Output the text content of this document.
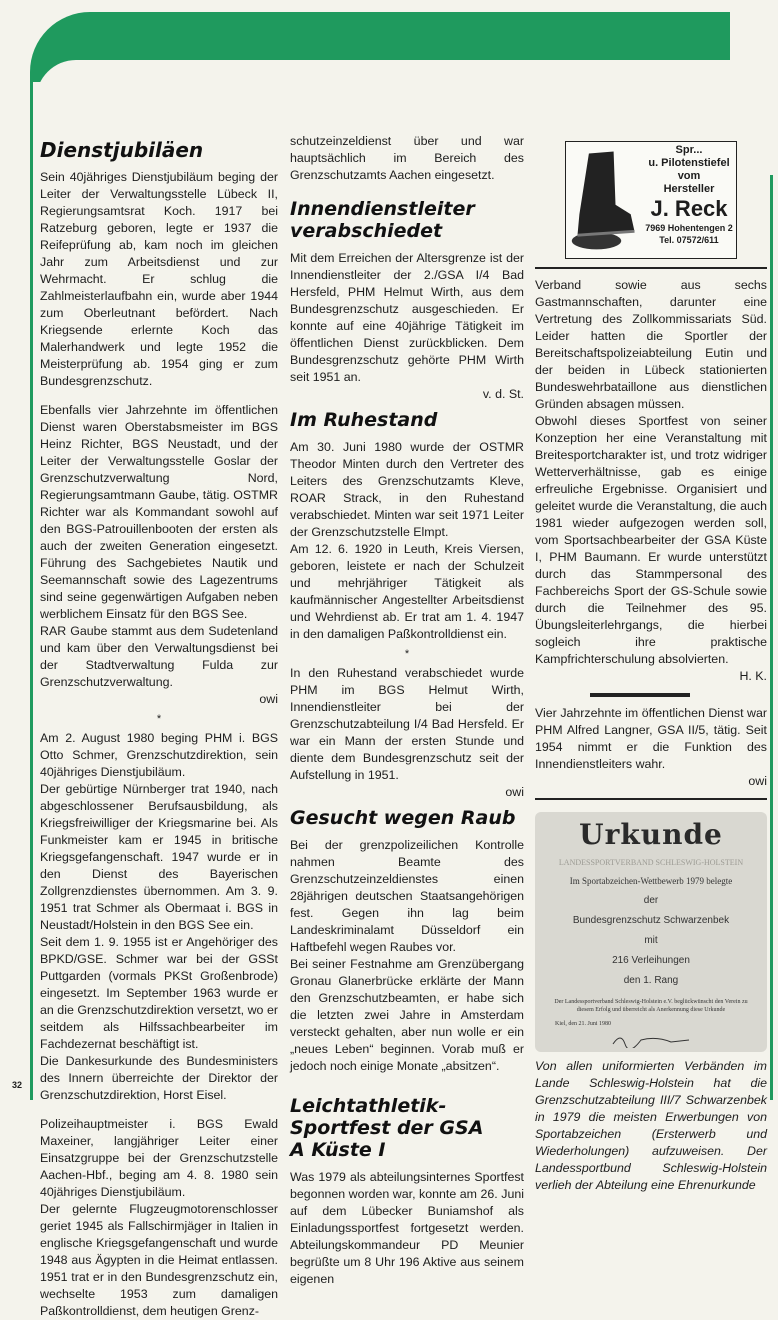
Dienstjubiläen

Sein 40jähriges Dienstjubiläum beging der Leiter der Verwaltungsstelle Lübeck II, Regierungsamtsrat Koch. 1917 bei Ratzeburg geboren, legte er 1937 die Reifeprüfung ab, kam noch im gleichen Jahr zum Arbeitsdienst und zur Wehrmacht. Er schlug die Zahlmeisterlaufbahn ein, wurde aber 1944 zum Oberleutnant befördert. Nach Kriegsende erlernte Koch das Malerhandwerk und legte 1952 die Meisterprüfung ab. 1954 ging er zum Bundesgrenzschutz.

Ebenfalls vier Jahrzehnte im öffentlichen Dienst waren Oberstabsmeister im BGS Heinz Richter, BGS Neustadt, und der Leiter der Verwaltungsstelle Goslar der Grenzschutzverwaltung Nord, Regierungsamtmann Gaube, tätig. OSTMR Richter war als Kommandant sowohl auf den BGS-Patrouillenbooten der ersten als auch der zweiten Generation eingesetzt. Führung des Sachgebietes Nautik und Seemannschaft sowie des Lagezentrums sind seine gegenwärtigen Aufgaben neben werblichem Einsatz für den BGS See.

RAR Gaube stammt aus dem Sudetenland und kam über den Verwaltungsdienst bei der Stadtverwaltung Fulda zur Grenzschutzverwaltung.

owi
*

Am 2. August 1980 beging PHM i. BGS Otto Schmer, Grenzschutzdirektion, sein 40jähriges Dienstjubiläum.

Der gebürtige Nürnberger trat 1940, nach abgeschlossener Berufsausbildung, als Kriegsfreiwilliger der Kriegsmarine bei. Als Funkmeister kam er 1945 in britische Kriegsgefangenschaft. 1947 wurde er in den Dienst des Bayerischen Zollgrenzdienstes übernommen. Am 3. 9. 1951 trat Schmer als Obermaat i. BGS in Neustadt/Holstein in den BGS See ein.

Seit dem 1. 9. 1955 ist er Angehöriger des BPKD/GSE. Schmer war bei der GSSt Puttgarden (vormals PKSt Großenbrode) eingesetzt. Im September 1963 wurde er an die Grenzschutzdirektion versetzt, wo er seitdem als Hilfssachbearbeiter im Fachdezernat beschäftigt ist.

Die Dankesurkunde des Bundesministers des Innern überreichte der Direktor der Grenzschutzdirektion, Horst Eisel.

Polizeihauptmeister i. BGS Ewald Maxeiner, langjähriger Leiter einer Einsatzgruppe bei der Grenzschutzstelle Aachen-Hbf., beging am 4. 8. 1980 sein 40jähriges Dienstjubiläum.

Der gelernte Flugzeugmotorenschlosser geriet 1945 als Fallschirmjäger in Italien in englische Kriegsgefangenschaft und wurde 1948 aus Ägypten in die Heimat entlassen. 1951 trat er in den Bundesgrenzschutz ein, wechselte 1953 zum damaligen Paßkontrolldienst, dem heutigen Grenz-

32

schutzeinzeldienst über und war hauptsächlich im Bereich des Grenzschutzamts Aachen eingesetzt.

Innendienstleiter verabschiedet

Mit dem Erreichen der Altersgrenze ist der Innendienstleiter der 2./GSA I/4 Bad Hersfeld, PHM Helmut Wirth, aus dem Bundesgrenzschutz ausgeschieden. Er konnte auf eine 40jährige Tätigkeit im öffentlichen Dienst zurückblicken. Dem Bundesgrenzschutz gehörte PHM Wirth seit 1951 an.

v. d. St.
Im Ruhestand

Am 30. Juni 1980 wurde der OSTMR Theodor Minten durch den Vertreter des Leiters des Grenzschutzamts Kleve, ROAR Strack, in den Ruhestand verabschiedet. Minten war seit 1971 Leiter der Grenzschutzstelle Elmpt.

Am 12. 6. 1920 in Leuth, Kreis Viersen, geboren, leistete er nach der Schulzeit und mehrjähriger Tätigkeit als kaufmännischer Angestellter Arbeitsdienst und Wehrdienst ab. Er trat am 1. 4. 1947 in den damaligen Paßkontrolldienst ein.

*

In den Ruhestand verabschiedet wurde PHM im BGS Helmut Wirth, Innendienstleiter bei der Grenzschutzabteilung I/4 Bad Hersfeld. Er war ein Mann der ersten Stunde und diente dem Bundesgrenzschutz seit der Aufstellung in 1951.

owi
Gesucht wegen Raub

Bei der grenzpolizeilichen Kontrolle nahmen Beamte des Grenzschutzeinzeldienstes einen 28jährigen deutschen Staatsangehörigen fest. Gegen ihn lag beim Landeskriminalamt Düsseldorf ein Haftbefehl wegen Raubes vor.

Bei seiner Festnahme am Grenzübergang Gronau Glanerbrücke erklärte der Mann den Grenzschutzbeamten, er habe sich die letzten zwei Jahre in Amsterdam versteckt gehalten, aber nun wolle er ein „neues Leben“ beginnen. Vorab muß er jedoch noch einige Monate „absitzen“.

Leichtathletik-Sportfest der GSA A Küste I

Was 1979 als abteilungsinternes Sportfest begonnen worden war, konnte am 26. Juni auf dem Lübecker Buniamshof als Einladungssportfest fortgesetzt werden. Abteilungskommandeur PD Meunier begrüßte um 8 Uhr 196 Aktive aus seinem eigenen

Spr...
u. Pilotenstiefel
vom
Hersteller
J. Reck
7969 Hohentengen 2
Tel. 07572/611

Verband sowie aus sechs Gastmannschaften, darunter eine Vertretung des Zollkommissariats Süd. Leider hatten die Sportler der Bereitschaftspolizeiabteilung Eutin und der beiden in Lübeck stationierten Bundeswehrbataillone aus dienstlichen Gründen absagen müssen.

Obwohl dieses Sportfest von seiner Konzeption her eine Veranstaltung mit Breitesportcharakter ist, und trotz widriger Wetterverhältnisse, gab es einige erfreuliche Ergebnisse. Organisiert und geleitet wurde die Veranstaltung, die auch 1981 wieder aufgezogen werden soll, vom Sportsachbearbeiter der GSA Küste I, PHM Baumann. Er wurde unterstützt durch das Stammpersonal des Fachbereichs Sport der GS-Schule sowie durch die Teilnehmer des 95. Übungsleiterlehrgangs, die hierbei sogleich ihre praktische Kampfrichterschulung absolvierten.

H. K.

Vier Jahrzehnte im öffentlichen Dienst war PHM Alfred Langner, GSA II/5, tätig. Seit 1954 nimmt er die Funktion des Innendienstleiters wahr.

owi
Urkunde
LANDESSPORTVERBAND SCHLESWIG-HOLSTEIN
Im Sportabzeichen-Wettbewerb 1979 belegte
der
Bundesgrenzschutz Schwarzenbek
mit
216 Verleihungen
den 1. Rang
Der Landessportverband Schleswig-Holstein e.V. beglückwünscht den Verein zu diesem Erfolg und überreicht als Anerkennung diese Urkunde
Kiel, den 21. Juni 1980
Von allen uniformierten Verbänden im Lande Schleswig-Holstein hat die Grenzschutzabteilung III/7 Schwarzenbek in 1979 die meisten Erwerbungen von Sportabzeichen (Ersterwerb und Wiederholungen) aufzuweisen. Der Landessportbund Schleswig-Holstein verlieh der Abteilung eine Ehrenurkunde
